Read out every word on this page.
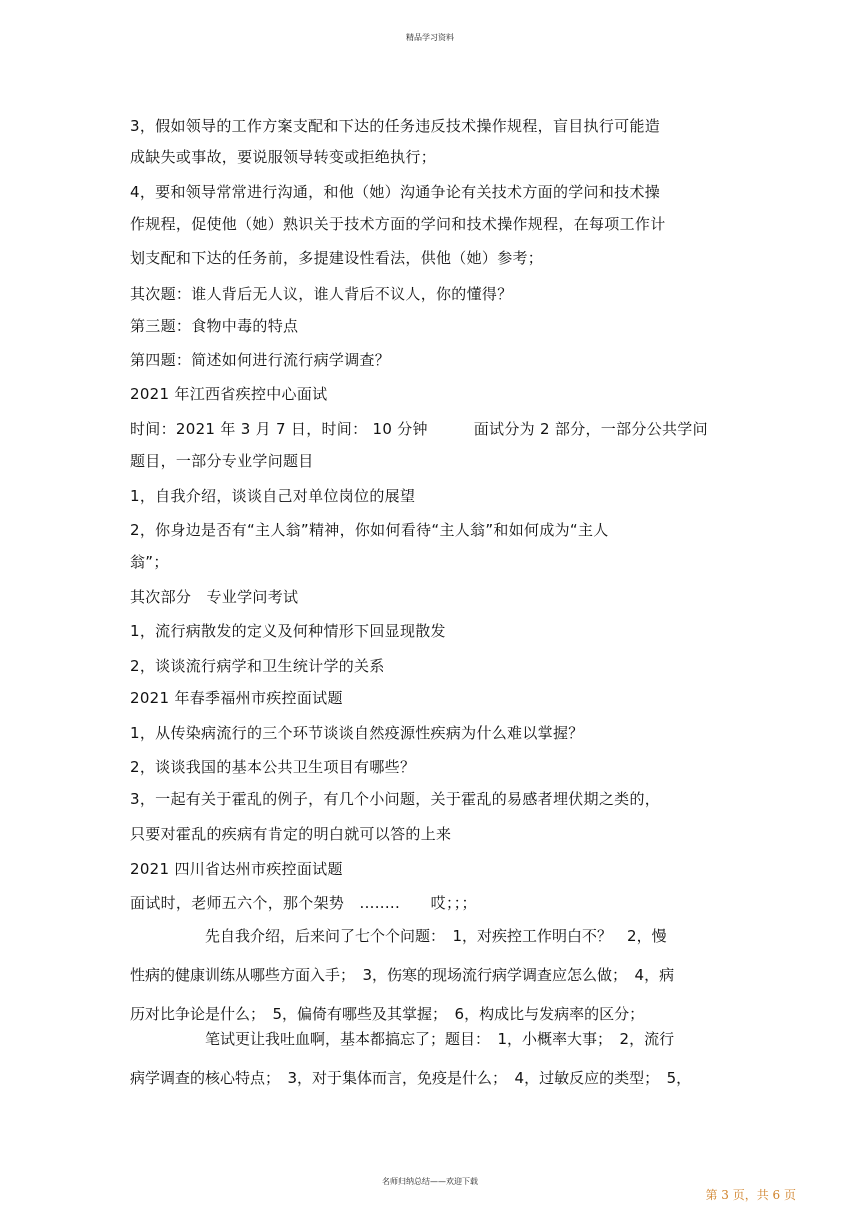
精品学习资料
3，假如领导的工作方案支配和下达的任务违反技术操作规程，盲目执行可能造
成缺失或事故，要说服领导转变或拒绝执行；
4，要和领导常常进行沟通，和他（她）沟通争论有关技术方面的学问和技术操
作规程，促使他（她）熟识关于技术方面的学问和技术操作规程，在每项工作计
划支配和下达的任务前，多提建设性看法，供他（她）参考；
其次题：谁人背后无人议，谁人背后不议人，你的懂得？
第三题：食物中毒的特点
第四题：简述如何进行流行病学调查？
2021 年江西省疾控中心面试
时间：2021 年 3 月 7 日，时间： 10 分钟　　　面试分为 2 部分，一部分公共学问
题目，一部分专业学问题目
1，自我介绍，谈谈自己对单位岗位的展望
2，你身边是否有“主人翁”精神，你如何看待“主人翁”和如何成为“主人
翁”；
其次部分　专业学问考试
1，流行病散发的定义及何种情形下回显现散发
2，谈谈流行病学和卫生统计学的关系
2021 年春季福州市疾控面试题
1，从传染病流行的三个环节谈谈自然疫源性疾病为什么难以掌握？
2，谈谈我国的基本公共卫生项目有哪些？
3，一起有关于霍乱的例子，有几个小问题，关于霍乱的易感者埋伏期之类的，
只要对霍乱的疾病有肯定的明白就可以答的上来
2021 四川省达州市疾控面试题
面试时，老师五六个，那个架势　........　　哎；；；
　　　　　先自我介绍，后来问了七个个问题：　1，对疾控工作明白不？　2，慢
性病的健康训练从哪些方面入手；　3，伤寒的现场流行病学调查应怎么做；　4，病
历对比争论是什么；　5，偏倚有哪些及其掌握；　6，构成比与发病率的区分；
　　　　　笔试更让我吐血啊，基本都搞忘了；题目：　1，小概率大事；　2，流行
病学调查的核心特点；　3，对于集体而言，免疫是什么；　4，过敏反应的类型；　5，
名师归纳总结——欢迎下载
第 3 页，共 6 页
